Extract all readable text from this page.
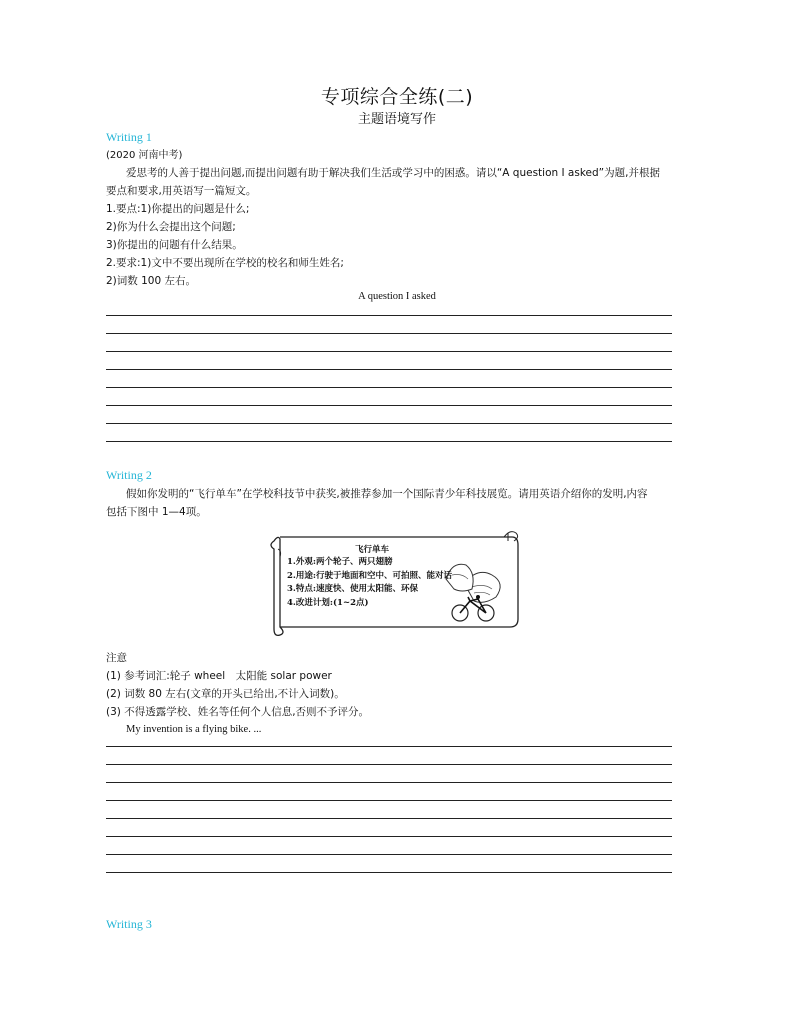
专项综合全练(二)
主题语境写作
Writing 1
(2020 河南中考)
爱思考的人善于提出问题,而提出问题有助于解决我们生活或学习中的困惑。请以“A question I asked”为题,并根据
要点和要求,用英语写一篇短文。
1.要点:1)你提出的问题是什么;
2)你为什么会提出这个问题;
3)你提出的问题有什么结果。
2.要求:1)文中不要出现所在学校的校名和师生姓名;
2)词数 100 左右。
A question I asked
Writing 2
假如你发明的“飞行单车”在学校科技节中获奖,被推荐参加一个国际青少年科技展览。请用英语介绍你的发明,内容
包括下图中 1—4项。
飞行单车
1.外观:两个轮子、两只翅膀
2.用途:行驶于地面和空中、可拍照、能对话
3.特点:速度快、使用太阳能、环保
4.改进计划:(1~2点)
注意
(1) 参考词汇:轮子 wheel　太阳能 solar power
(2) 词数 80 左右(文章的开头已给出,不计入词数)。
(3) 不得透露学校、姓名等任何个人信息,否则不予评分。
My invention is a flying bike. ...
Writing 3
